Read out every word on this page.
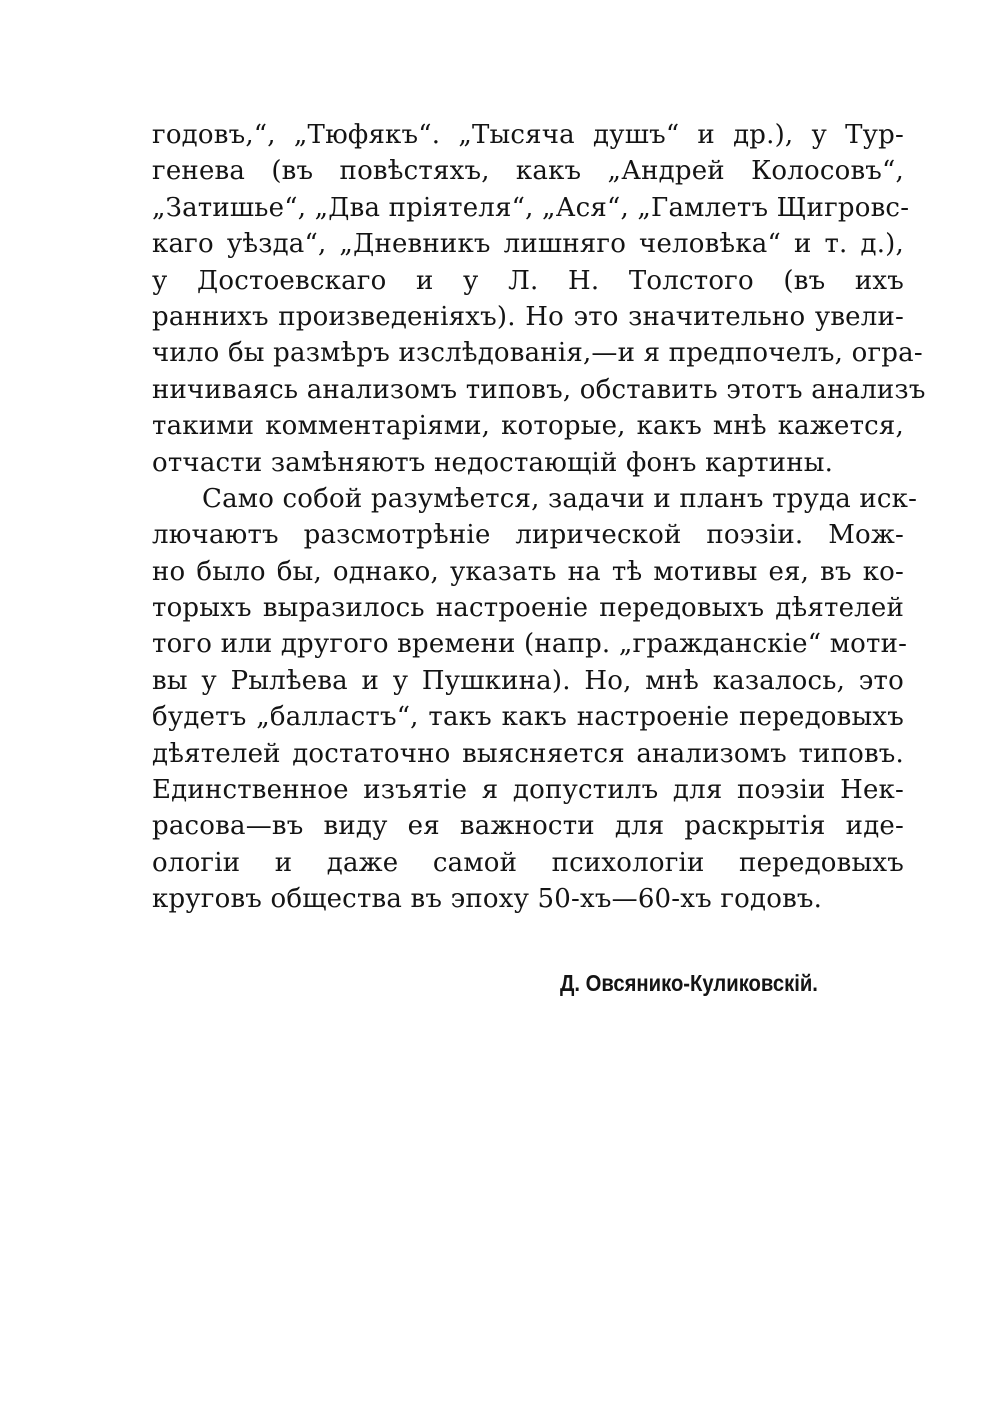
годовъ,“, „Тюфякъ“. „Тысяча душъ“ и др.), у Тур-
генева (въ повѣстяхъ, какъ „Андрей Колосовъ“,
„Затишье“, „Два пріятеля“, „Ася“, „Гамлетъ Щигровс-
каго уѣзда“, „Дневникъ лишняго человѣка“ и т. д.),
у Достоевскаго и у Л. Н. Толстого (въ ихъ
раннихъ произведеніяхъ). Но это значительно увели-
чило бы размѣръ изслѣдованія,—и я предпочелъ, огра-
ничиваясь анализомъ типовъ, обставить этотъ анализъ
такими комментаріями, которые, какъ мнѣ кажется,
отчасти замѣняютъ недостающій фонъ картины.
Само собой разумѣется, задачи и планъ труда иск-
лючаютъ разсмотрѣніе лирической поэзіи. Мож-
но было бы, однако, указать на тѣ мотивы ея, въ ко-
торыхъ выразилось настроеніе передовыхъ дѣятелей
того или другого времени (напр. „гражданскіе“ моти-
вы у Рылѣева и у Пушкина). Но, мнѣ казалось, это
будетъ „балластъ“, такъ какъ настроеніе передовыхъ
дѣятелей достаточно выясняется анализомъ типовъ.
Единственное изъятіе я допустилъ для поэзіи Нек-
расова—въ виду ея важности для раскрытія иде-
ологіи и даже самой психологіи передовыхъ
круговъ общества въ эпоху 50-хъ—60-хъ годовъ.
Д. Овсянико-Куликовскій.
